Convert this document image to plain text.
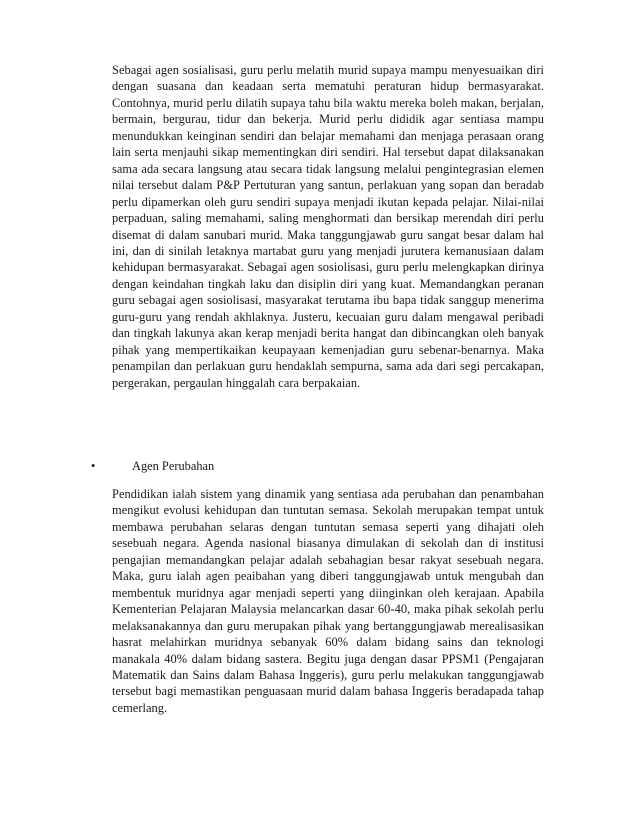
Sebagai agen sosialisasi, guru perlu melatih murid supaya mampu menyesuaikan diri dengan suasana dan keadaan serta mematuhi peraturan hidup bermasyarakat. Contohnya, murid perlu dilatih supaya tahu bila waktu mereka boleh makan, berjalan, bermain, bergurau, tidur dan bekerja. Murid perlu dididik agar sentiasa mampu menundukkan keinginan sendiri dan belajar memahami dan menjaga perasaan orang lain serta menjauhi sikap mementingkan diri sendiri. Hal tersebut dapat dilaksanakan sama ada secara langsung atau secara tidak langsung melalui pengintegrasian elemen nilai tersebut dalam P&P Pertuturan yang santun, perlakuan yang sopan dan beradab perlu dipamerkan oleh guru sendiri supaya menjadi ikutan kepada pelajar. Nilai-nilai perpaduan, saling memahami, saling menghormati dan bersikap merendah diri perlu disemat di dalam sanubari murid. Maka tanggungjawab guru sangat besar dalam hal ini, dan di sinilah letaknya martabat guru yang menjadi jurutera kemanusiaan dalam kehidupan bermasyarakat. Sebagai agen sosiolisasi, guru perlu melengkapkan dirinya dengan keindahan tingkah laku dan disiplin diri yang kuat. Memandangkan peranan guru sebagai agen sosiolisasi, masyarakat terutama ibu bapa tidak sanggup menerima guru-guru yang rendah akhlaknya. Justeru, kecuaian guru dalam mengawal peribadi dan tingkah lakunya akan kerap menjadi berita hangat dan dibincangkan oleh banyak pihak yang mempertikaikan keupayaan kemenjadian guru sebenar-benarnya. Maka penampilan dan perlakuan guru hendaklah sempurna, sama ada dari segi percakapan, pergerakan, pergaulan hinggalah cara berpakaian.

•	Agen Perubahan

Pendidikan ialah sistem yang dinamik yang sentiasa ada perubahan dan penambahan mengikut evolusi kehidupan dan tuntutan semasa. Sekolah merupakan tempat untuk membawa perubahan selaras dengan tuntutan semasa seperti yang dihajati oleh sesebuah negara. Agenda nasional biasanya dimulakan di sekolah dan di institusi pengajian memandangkan pelajar adalah sebahagian besar rakyat sesebuah negara. Maka, guru ialah agen peaibahan yang diberi tanggungjawab untuk mengubah dan membentuk muridnya agar menjadi seperti yang diinginkan oleh kerajaan. Apabila Kementerian Pelajaran Malaysia melancarkan dasar 60-40, maka pihak sekolah perlu melaksanakannya dan guru merupakan pihak yang bertanggungjawab merealisasikan hasrat melahirkan muridnya sebanyak 60% dalam bidang sains dan teknologi manakala 40% dalam bidang sastera. Begitu juga dengan dasar PPSM1 (Pengajaran Matematik dan Sains dalam Bahasa Inggeris), guru perlu melakukan tanggungjawab tersebut bagi memastikan penguasaan murid dalam bahasa Inggeris beradapada tahap cemerlang.
